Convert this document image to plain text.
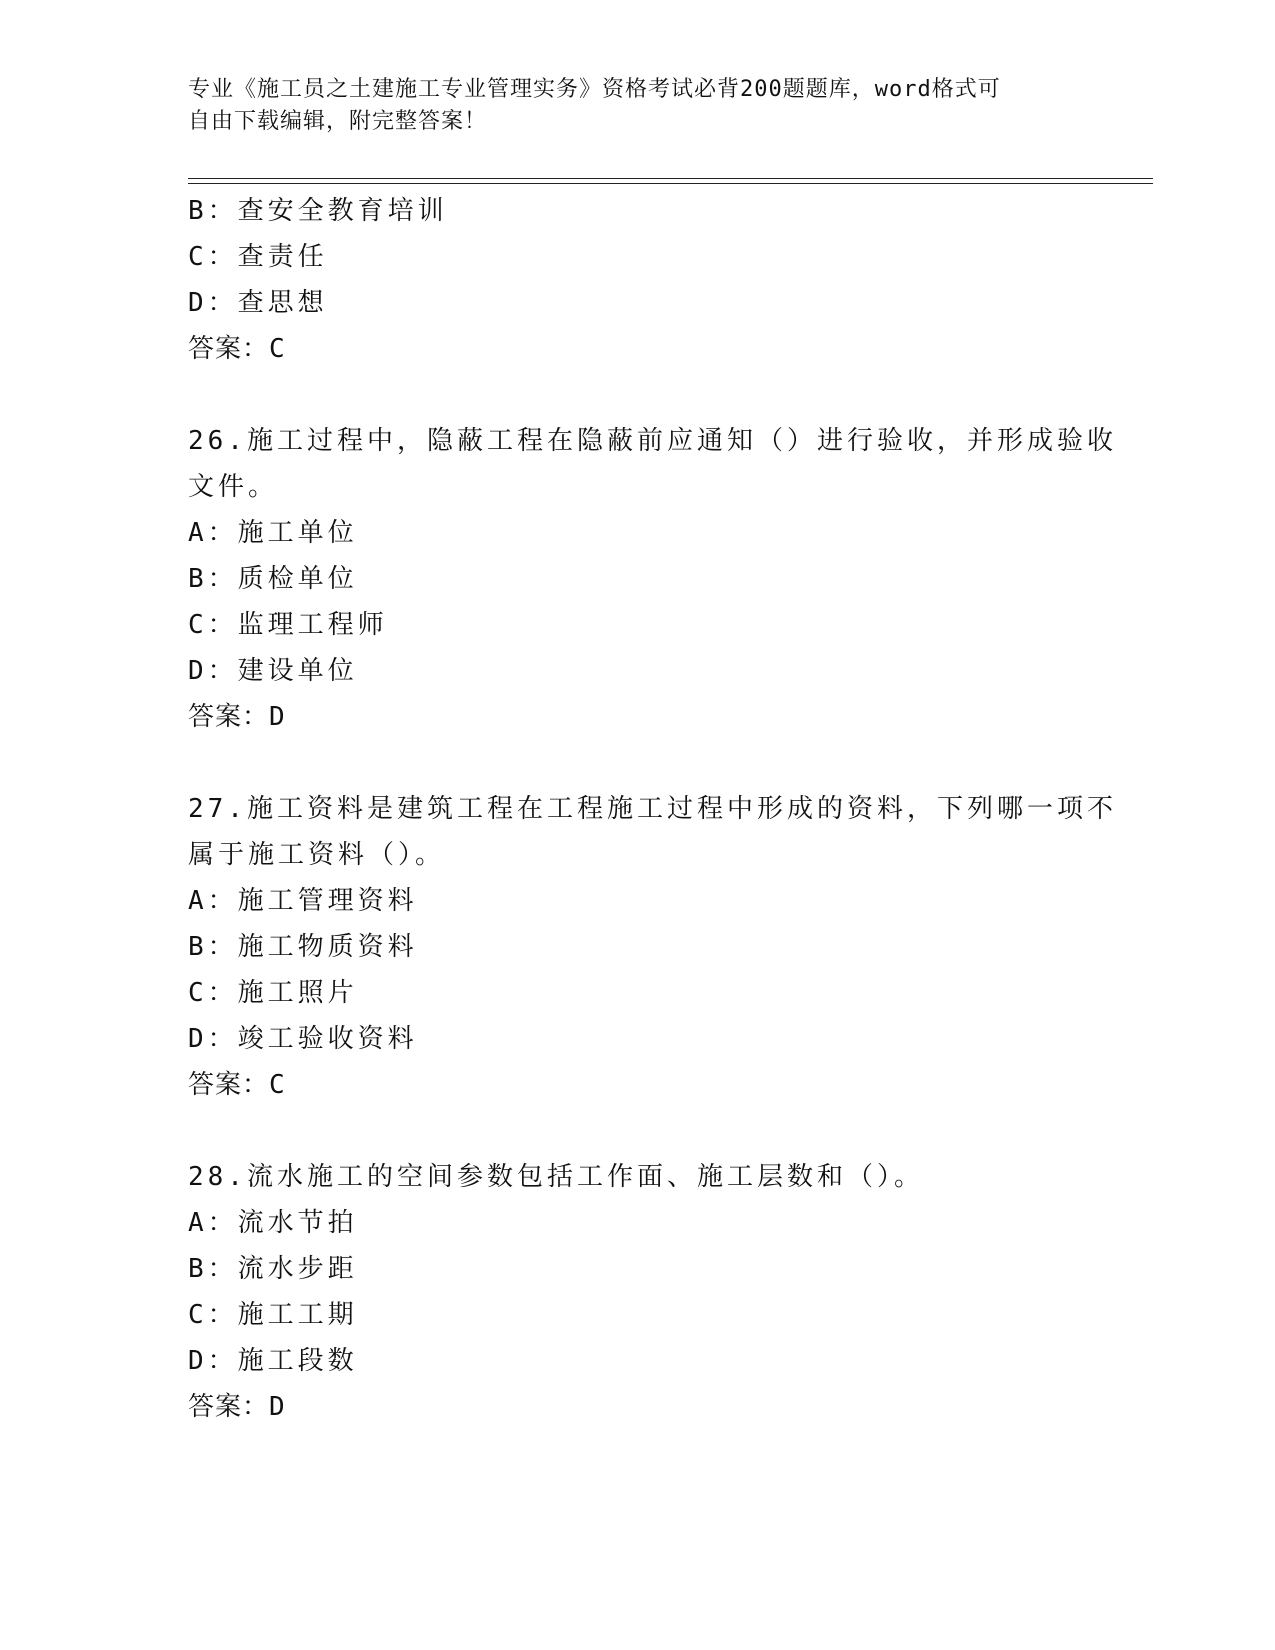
专业《施工员之土建施工专业管理实务》资格考试必背200题题库，word格式可
自由下载编辑，附完整答案！
B：查安全教育培训
C：查责任
D：查思想
答案：C
26.施工过程中，隐蔽工程在隐蔽前应通知（）进行验收，并形成验收
文件。
A：施工单位
B：质检单位
C：监理工程师
D：建设单位
答案：D
27.施工资料是建筑工程在工程施工过程中形成的资料，下列哪一项不
属于施工资料（）。
A：施工管理资料
B：施工物质资料
C：施工照片
D：竣工验收资料
答案：C
28.流水施工的空间参数包括工作面、施工层数和（）。
A：流水节拍
B：流水步距
C：施工工期
D：施工段数
答案：D
